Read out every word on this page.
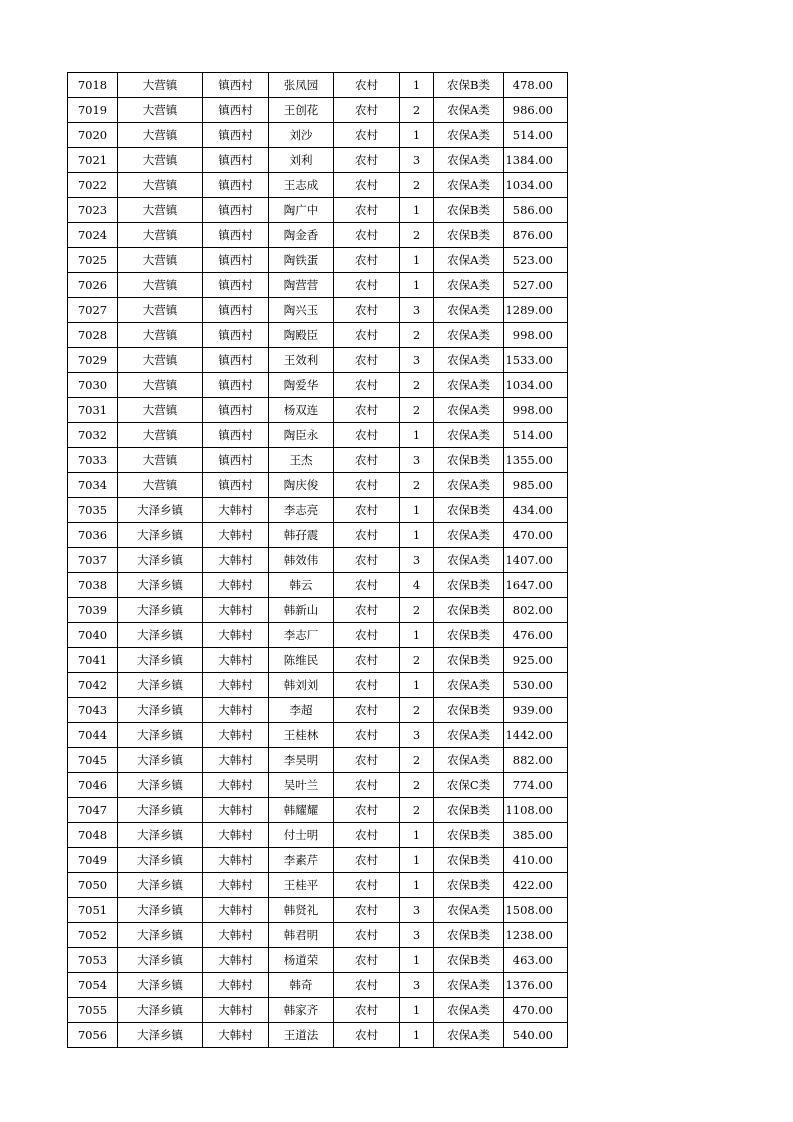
7018	大营镇	镇西村	张凤园	农村	1	农保B类	478.00
7019	大营镇	镇西村	王创花	农村	2	农保A类	986.00
7020	大营镇	镇西村	刘沙	农村	1	农保A类	514.00
7021	大营镇	镇西村	刘利	农村	3	农保A类	1384.00
7022	大营镇	镇西村	王志成	农村	2	农保A类	1034.00
7023	大营镇	镇西村	陶广中	农村	1	农保B类	586.00
7024	大营镇	镇西村	陶金香	农村	2	农保B类	876.00
7025	大营镇	镇西村	陶铁蛋	农村	1	农保A类	523.00
7026	大营镇	镇西村	陶营营	农村	1	农保A类	527.00
7027	大营镇	镇西村	陶兴玉	农村	3	农保A类	1289.00
7028	大营镇	镇西村	陶殿臣	农村	2	农保A类	998.00
7029	大营镇	镇西村	王效利	农村	3	农保A类	1533.00
7030	大营镇	镇西村	陶爱华	农村	2	农保A类	1034.00
7031	大营镇	镇西村	杨双连	农村	2	农保A类	998.00
7032	大营镇	镇西村	陶臣永	农村	1	农保A类	514.00
7033	大营镇	镇西村	王杰	农村	3	农保B类	1355.00
7034	大营镇	镇西村	陶庆俊	农村	2	农保A类	985.00
7035	大泽乡镇	大韩村	李志亮	农村	1	农保B类	434.00
7036	大泽乡镇	大韩村	韩孖震	农村	1	农保A类	470.00
7037	大泽乡镇	大韩村	韩效伟	农村	3	农保A类	1407.00
7038	大泽乡镇	大韩村	韩云	农村	4	农保B类	1647.00
7039	大泽乡镇	大韩村	韩新山	农村	2	农保B类	802.00
7040	大泽乡镇	大韩村	李志厂	农村	1	农保B类	476.00
7041	大泽乡镇	大韩村	陈维民	农村	2	农保B类	925.00
7042	大泽乡镇	大韩村	韩刘刘	农村	1	农保A类	530.00
7043	大泽乡镇	大韩村	李超	农村	2	农保B类	939.00
7044	大泽乡镇	大韩村	王桂林	农村	3	农保A类	1442.00
7045	大泽乡镇	大韩村	李昊明	农村	2	农保A类	882.00
7046	大泽乡镇	大韩村	吴叶兰	农村	2	农保C类	774.00
7047	大泽乡镇	大韩村	韩耀耀	农村	2	农保B类	1108.00
7048	大泽乡镇	大韩村	付士明	农村	1	农保B类	385.00
7049	大泽乡镇	大韩村	李素芹	农村	1	农保B类	410.00
7050	大泽乡镇	大韩村	王桂平	农村	1	农保B类	422.00
7051	大泽乡镇	大韩村	韩贤礼	农村	3	农保A类	1508.00
7052	大泽乡镇	大韩村	韩君明	农村	3	农保B类	1238.00
7053	大泽乡镇	大韩村	杨道荣	农村	1	农保B类	463.00
7054	大泽乡镇	大韩村	韩奇	农村	3	农保A类	1376.00
7055	大泽乡镇	大韩村	韩家齐	农村	1	农保A类	470.00
7056	大泽乡镇	大韩村	王道法	农村	1	农保A类	540.00
